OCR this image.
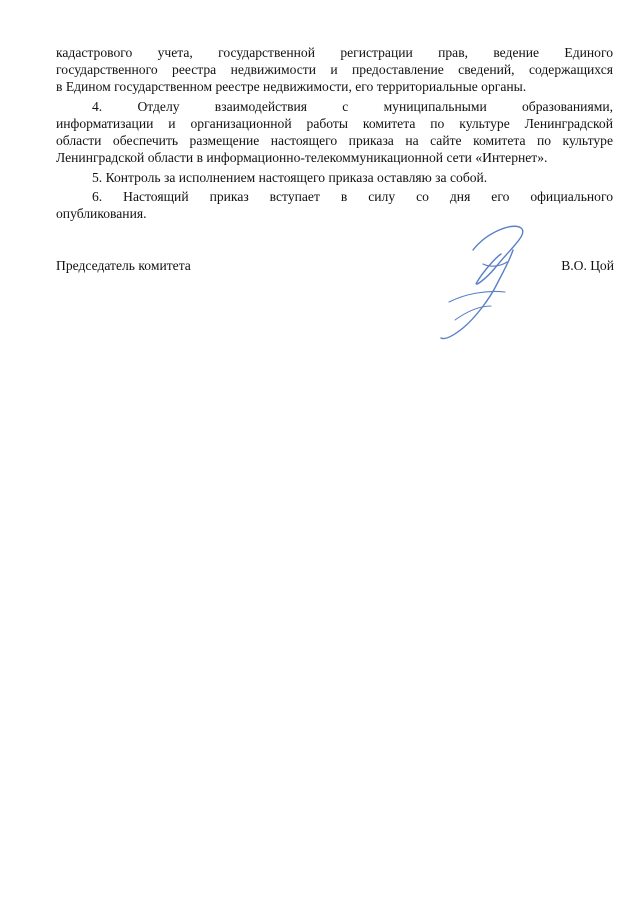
кадастрового учета, государственной регистрации прав, ведение Единого
государственного реестра недвижимости и предоставление сведений, содержащихся
в Едином государственном реестре недвижимости, его территориальные органы.
4. Отделу взаимодействия с муниципальными образованиями,
информатизации и организационной работы комитета по культуре Ленинградской
области обеспечить размещение настоящего приказа на сайте комитета по культуре
Ленинградской области в информационно-телекоммуникационной сети «Интернет».
5. Контроль за исполнением настоящего приказа оставляю за собой.
6. Настоящий приказ вступает в силу со дня его официального
опубликования.
Председатель комитета	В.О. Цой
